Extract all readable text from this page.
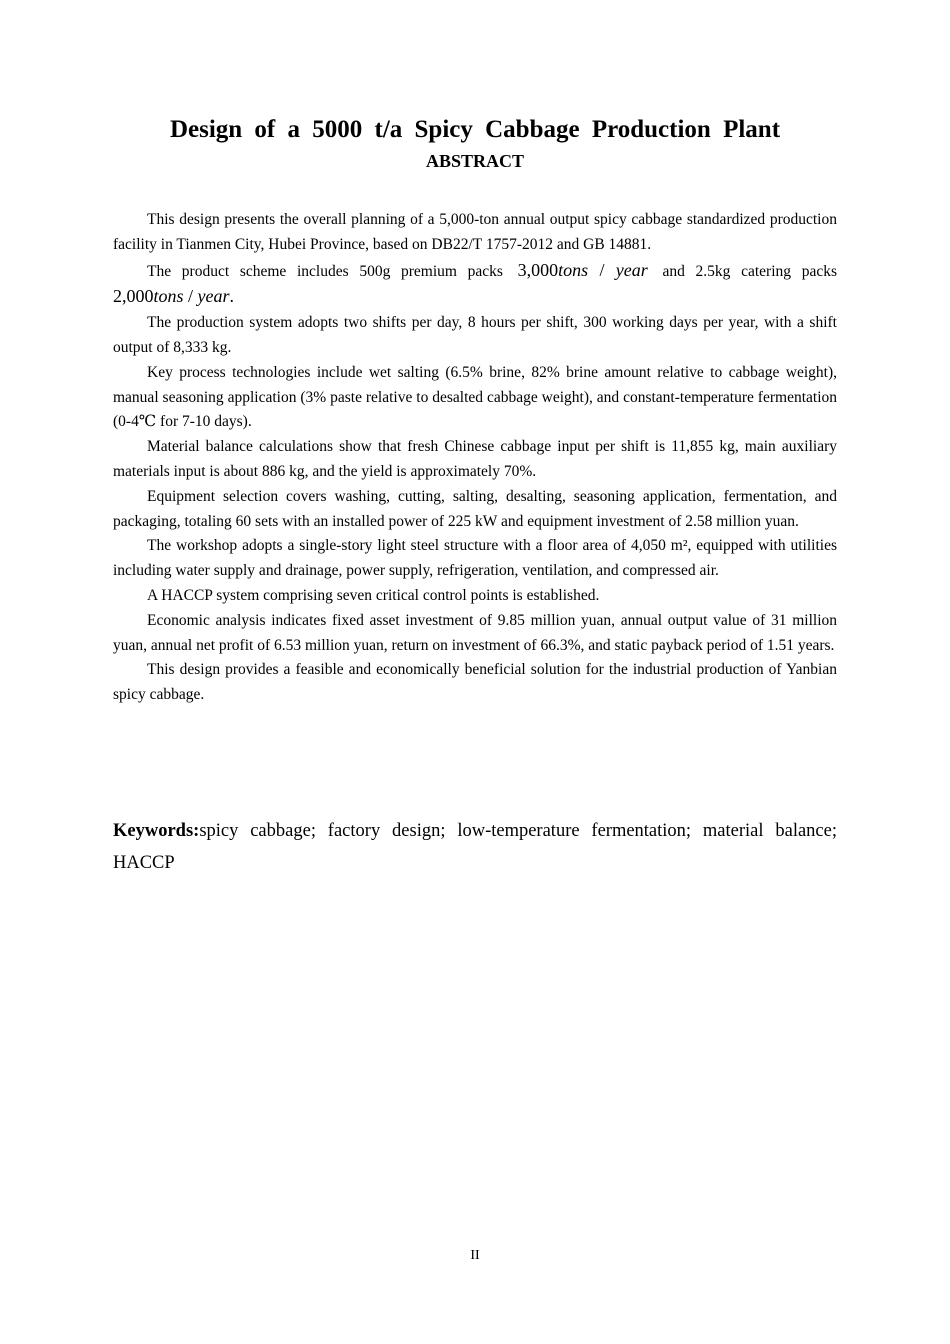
Design of a 5000 t/a Spicy Cabbage Production Plant
ABSTRACT

This design presents the overall planning of a 5,000-ton annual output spicy cabbage standardized production facility in Tianmen City, Hubei Province, based on DB22/T 1757-2012 and GB 14881.

The product scheme includes 500g premium packs 3,000tons / year and 2.5kg catering packs 2,000tons / year.

The production system adopts two shifts per day, 8 hours per shift, 300 working days per year, with a shift output of 8,333 kg.

Key process technologies include wet salting (6.5% brine, 82% brine amount relative to cabbage weight), manual seasoning application (3% paste relative to desalted cabbage weight), and constant-temperature fermentation (0-4℃ for 7-10 days).

Material balance calculations show that fresh Chinese cabbage input per shift is 11,855 kg, main auxiliary materials input is about 886 kg, and the yield is approximately 70%.

Equipment selection covers washing, cutting, salting, desalting, seasoning application, fermentation, and packaging, totaling 60 sets with an installed power of 225 kW and equipment investment of 2.58 million yuan.

The workshop adopts a single-story light steel structure with a floor area of 4,050 m², equipped with utilities including water supply and drainage, power supply, refrigeration, ventilation, and compressed air.

A HACCP system comprising seven critical control points is established.

Economic analysis indicates fixed asset investment of 9.85 million yuan, annual output value of 31 million yuan, annual net profit of 6.53 million yuan, return on investment of 66.3%, and static payback period of 1.51 years.

This design provides a feasible and economically beneficial solution for the industrial production of Yanbian spicy cabbage.

Keywords:spicy cabbage; factory design; low-temperature fermentation; material balance; HACCP
II
